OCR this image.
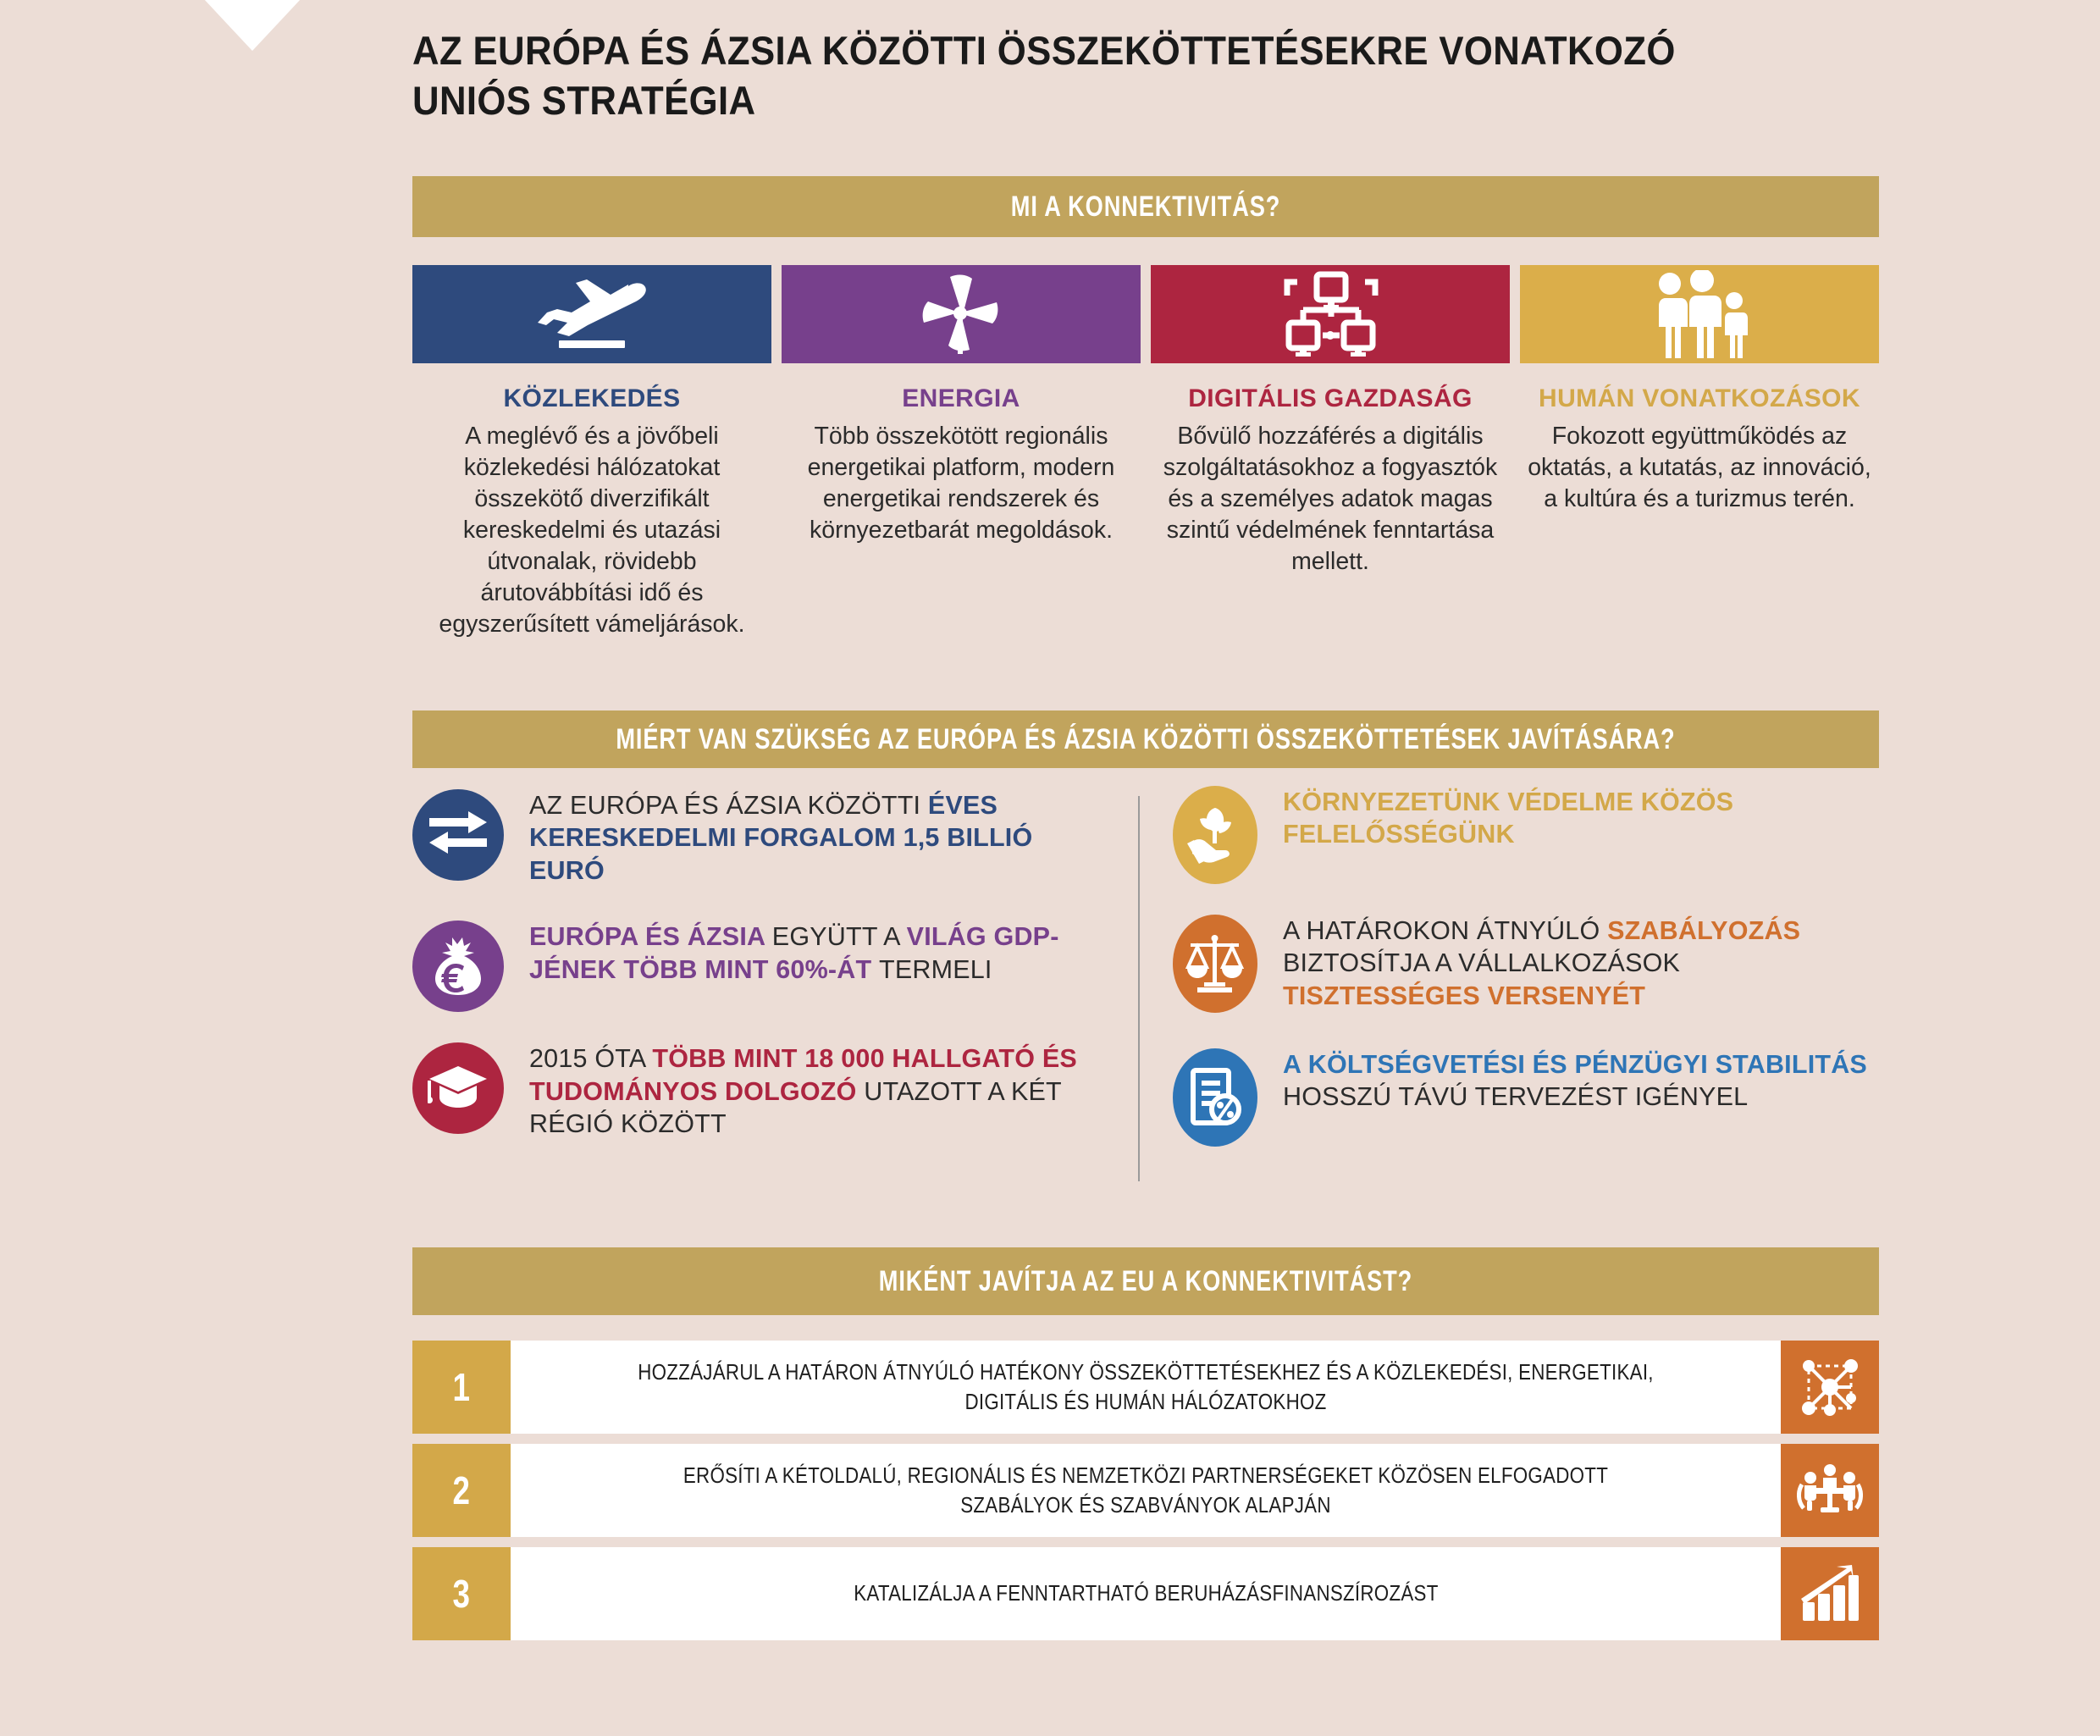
AZ EURÓPA ÉS ÁZSIA KÖZÖTTI ÖSSZEKÖTTETÉSEKRE VONATKOZÓ UNIÓS STRATÉGIA
MI A KONNEKTIVITÁS?
KÖZLEKEDÉS
A meglévő és a jövőbeli közlekedési hálózatokat összekötő diverzifikált kereskedelmi és utazási útvonalak, rövidebb árutovábbítási idő és egyszerűsített vámeljárások.
ENERGIA
Több összekötött regionális energetikai platform, modern energetikai rendszerek és környezetbarát megoldások.
DIGITÁLIS GAZDASÁG
Bővülő hozzáférés a digitális szolgáltatásokhoz a fogyasztók és a személyes adatok magas szintű védelmének fenntartása mellett.
HUMÁN VONATKOZÁSOK
Fokozott együttműködés az oktatás, a kutatás, az innováció, a kultúra és a turizmus terén.
MIÉRT VAN SZÜKSÉG AZ EURÓPA ÉS ÁZSIA KÖZÖTTI ÖSSZEKÖTTETÉSEK JAVÍTÁSÁRA?
AZ EURÓPA ÉS ÁZSIA KÖZÖTTI ÉVES KERESKEDELMI FORGALOM 1,5 BILLIÓ EURÓ
EURÓPA ÉS ÁZSIA EGYÜTT A VILÁG GDP-JÉNEK TÖBB MINT 60%-ÁT TERMELI
2015 ÓTA TÖBB MINT 18 000 HALLGATÓ ÉS TUDOMÁNYOS DOLGOZÓ UTAZOTT A KÉT RÉGIÓ KÖZÖTT
KÖRNYEZETÜNK VÉDELME KÖZÖS FELELŐSSÉGÜNK
A HATÁROKON ÁTNYÚLÓ SZABÁLYOZÁS BIZTOSÍTJA A VÁLLALKOZÁSOK TISZTESSÉGES VERSENYÉT
A KÖLTSÉGVETÉSI ÉS PÉNZÜGYI STABILITÁS HOSSZÚ TÁVÚ TERVEZÉST IGÉNYEL
MIKÉNT JAVÍTJA AZ EU A KONNEKTIVITÁST?
1	HOZZÁJÁRUL A HATÁRON ÁTNYÚLÓ HATÉKONY ÖSSZEKÖTTETÉSEKHEZ ÉS A KÖZLEKEDÉSI, ENERGETIKAI, DIGITÁLIS ÉS HUMÁN HÁLÓZATOKHOZ
2	ERŐSÍTI A KÉTOLDALÚ, REGIONÁLIS ÉS NEMZETKÖZI PARTNERSÉGEKET KÖZÖSEN ELFOGADOTT SZABÁLYOK ÉS SZABVÁNYOK ALAPJÁN
3	KATALIZÁLJA A FENNTARTHATÓ BERUHÁZÁSFINANSZÍROZÁST
